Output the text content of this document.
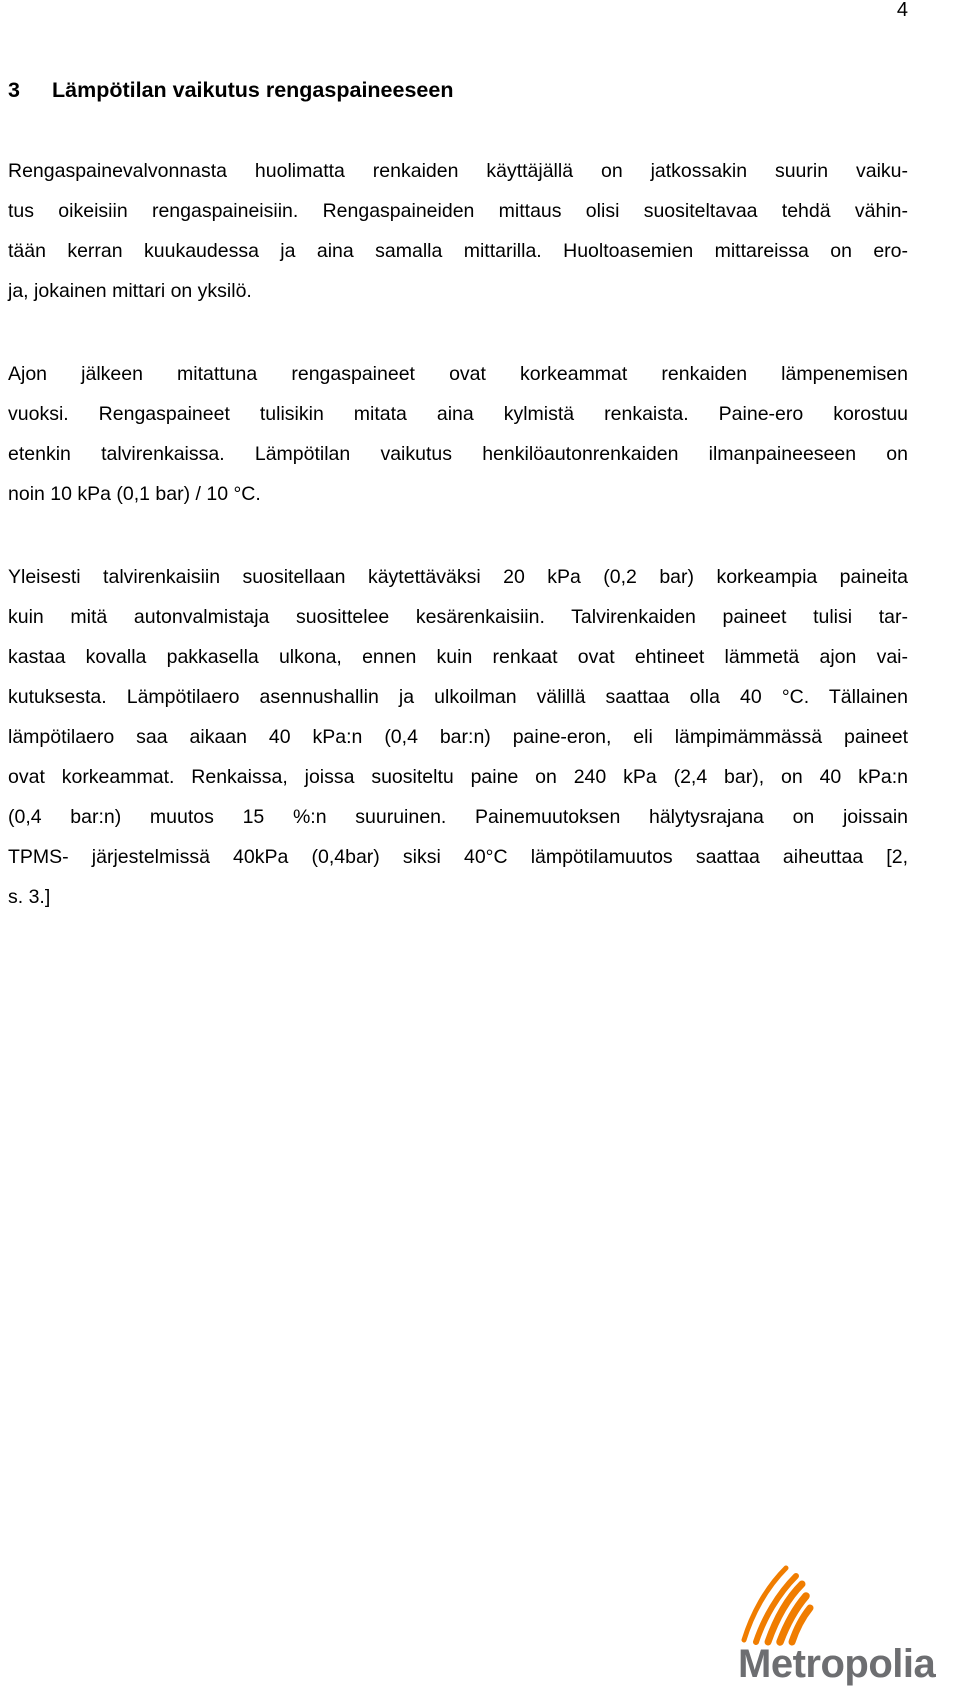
4
3 Lämpötilan vaikutus rengaspaineeseen
Rengaspainevalvonnasta huolimatta renkaiden käyttäjällä on jatkossakin suurin vaiku-
tus oikeisiin rengaspaineisiin. Rengaspaineiden mittaus olisi suositeltavaa tehdä vähin-
tään kerran kuukaudessa ja aina samalla mittarilla. Huoltoasemien mittareissa on ero-
ja, jokainen mittari on yksilö.
Ajon jälkeen mitattuna rengaspaineet ovat korkeammat renkaiden lämpenemisen
vuoksi. Rengaspaineet tulisikin mitata aina kylmistä renkaista. Paine-ero korostuu
etenkin talvirenkaissa. Lämpötilan vaikutus henkilöautonrenkaiden ilmanpaineeseen on
noin 10 kPa (0,1 bar) / 10 °C.
Yleisesti talvirenkaisiin suositellaan käytettäväksi 20 kPa (0,2 bar) korkeampia paineita
kuin mitä autonvalmistaja suosittelee kesärenkaisiin. Talvirenkaiden paineet tulisi tar-
kastaa kovalla pakkasella ulkona, ennen kuin renkaat ovat ehtineet lämmetä ajon vai-
kutuksesta. Lämpötilaero asennushallin ja ulkoilman välillä saattaa olla 40 °C. Tällainen
lämpötilaero saa aikaan 40 kPa:n (0,4 bar:n) paine-eron, eli lämpimämmässä paineet
ovat korkeammat. Renkaissa, joissa suositeltu paine on 240 kPa (2,4 bar), on 40 kPa:n
(0,4 bar:n) muutos 15 %:n suuruinen. Painemuutoksen hälytysrajana on joissain
TPMS- järjestelmissä 40kPa (0,4bar) siksi 40°C lämpötilamuutos saattaa aiheuttaa [2,
s. 3.]
Metropolia
